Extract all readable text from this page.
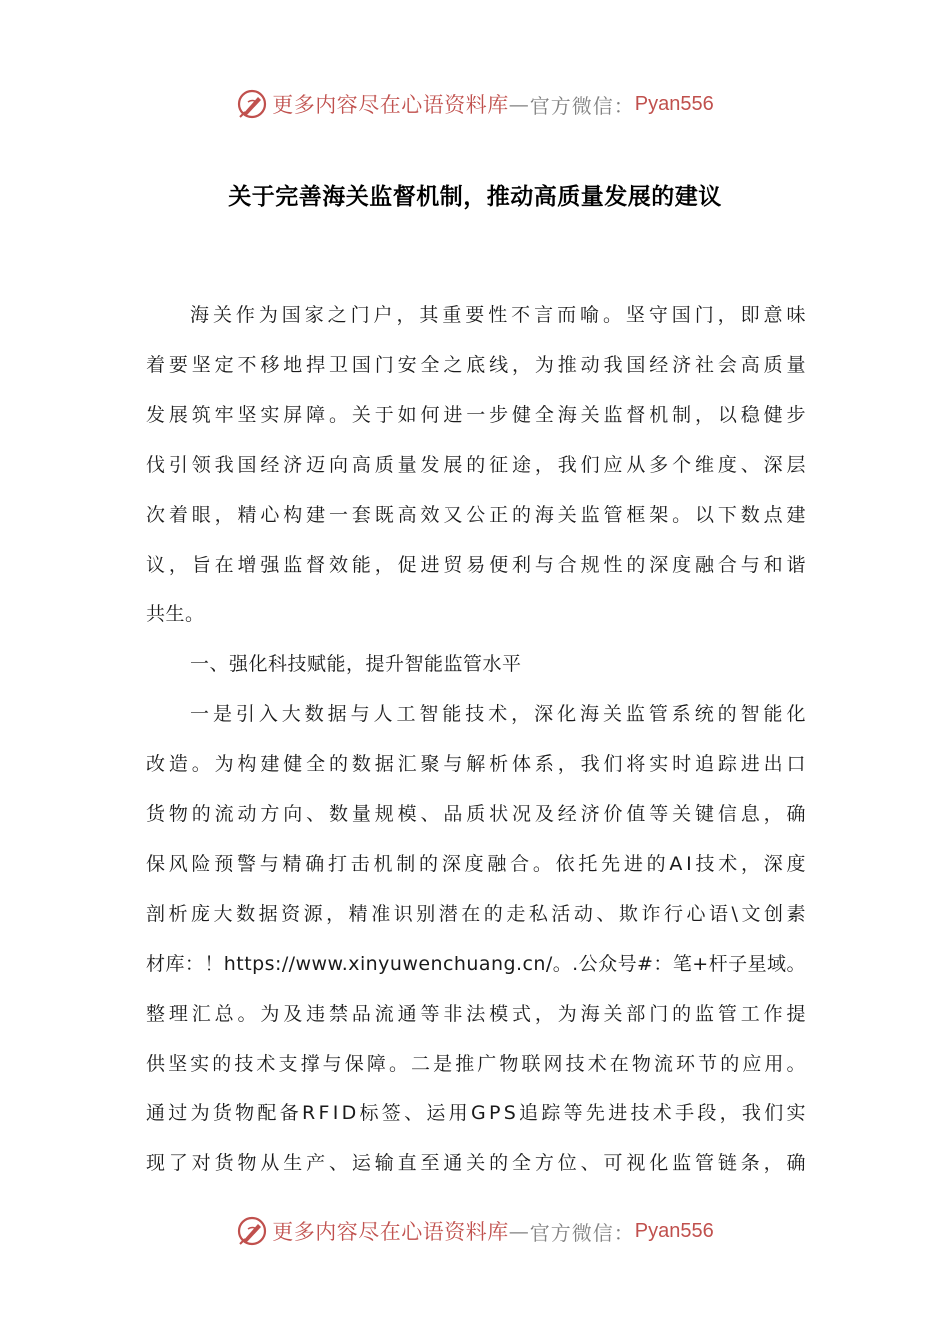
更多内容尽在心语资料库 — 官方微信： Pyan556
关于完善海关监督机制，推动高质量发展的建议
海关作为国家之门户，其重要性不言而喻。坚守国门，即意味
着要坚定不移地捍卫国门安全之底线，为推动我国经济社会高质量
发展筑牢坚实屏障。关于如何进一步健全海关监督机制，以稳健步
伐引领我国经济迈向高质量发展的征途，我们应从多个维度、深层
次着眼，精心构建一套既高效又公正的海关监管框架。以下数点建
议，旨在增强监督效能，促进贸易便利与合规性的深度融合与和谐
共生。
一、强化科技赋能，提升智能监管水平
一是引入大数据与人工智能技术，深化海关监管系统的智能化
改造。为构建健全的数据汇聚与解析体系，我们将实时追踪进出口
货物的流动方向、数量规模、品质状况及经济价值等关键信息，确
保风险预警与精确打击机制的深度融合。依托先进的AI技术，深度
剖析庞大数据资源，精准识别潜在的走私活动、欺诈行心语\文创素
材库：！https://www.xinyuwenchuang.cn/。.公众号#：笔+杆子星域。
整理汇总。为及违禁品流通等非法模式，为海关部门的监管工作提
供坚实的技术支撑与保障。二是推广物联网技术在物流环节的应用。
通过为货物配备RFID标签、运用GPS追踪等先进技术手段，我们实
现了对货物从生产、运输直至通关的全方位、可视化监管链条，确
更多内容尽在心语资料库 — 官方微信： Pyan556
